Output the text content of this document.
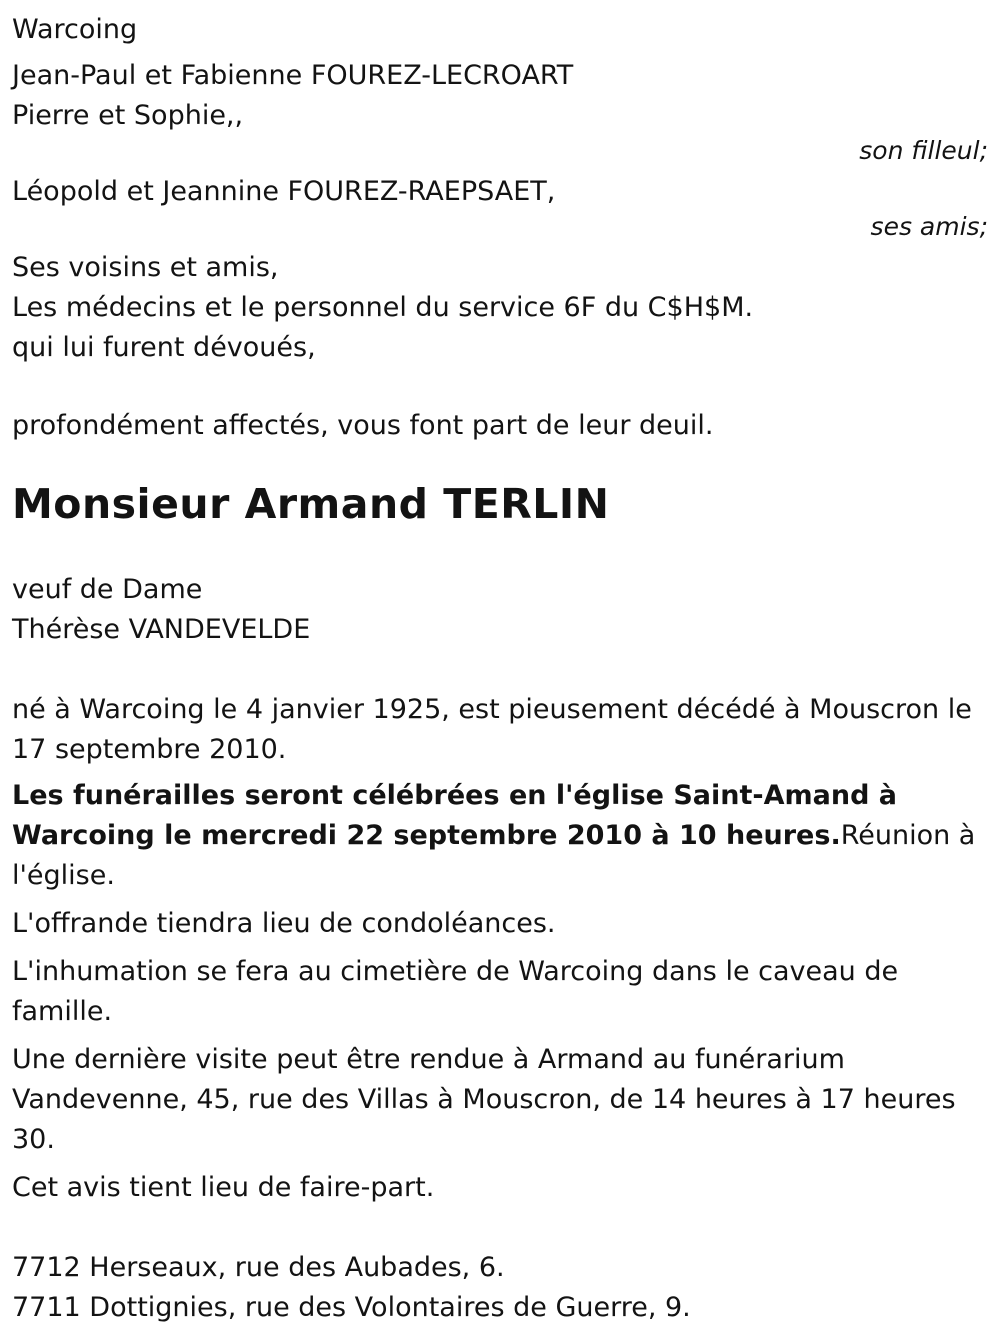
Warcoing

Jean-Paul et Fabienne FOUREZ-LECROART

Pierre et Sophie,,

son filleul;

Léopold et Jeannine FOUREZ-RAEPSAET,

ses amis;

Ses voisins et amis,

Les médecins et le personnel du service 6F du C$H$M.

qui lui furent dévoués,

profondément affectés, vous font part de leur deuil.

Monsieur Armand TERLIN

veuf de Dame

Thérèse VANDEVELDE

né à Warcoing le 4 janvier 1925, est pieusement décédé à Mouscron le 17 septembre 2010.

Les funérailles seront célébrées en l'église Saint-Amand à Warcoing le mercredi 22 septembre 2010 à 10 heures.Réunion à l'église.

L'offrande tiendra lieu de condoléances.

L'inhumation se fera au cimetière de Warcoing dans le caveau de famille.

Une dernière visite peut être rendue à Armand au funérarium Vandevenne, 45, rue des Villas à Mouscron, de 14 heures à 17 heures 30.

Cet avis tient lieu de faire-part.

7712 Herseaux, rue des Aubades, 6.

7711 Dottignies, rue des Volontaires de Guerre, 9.
